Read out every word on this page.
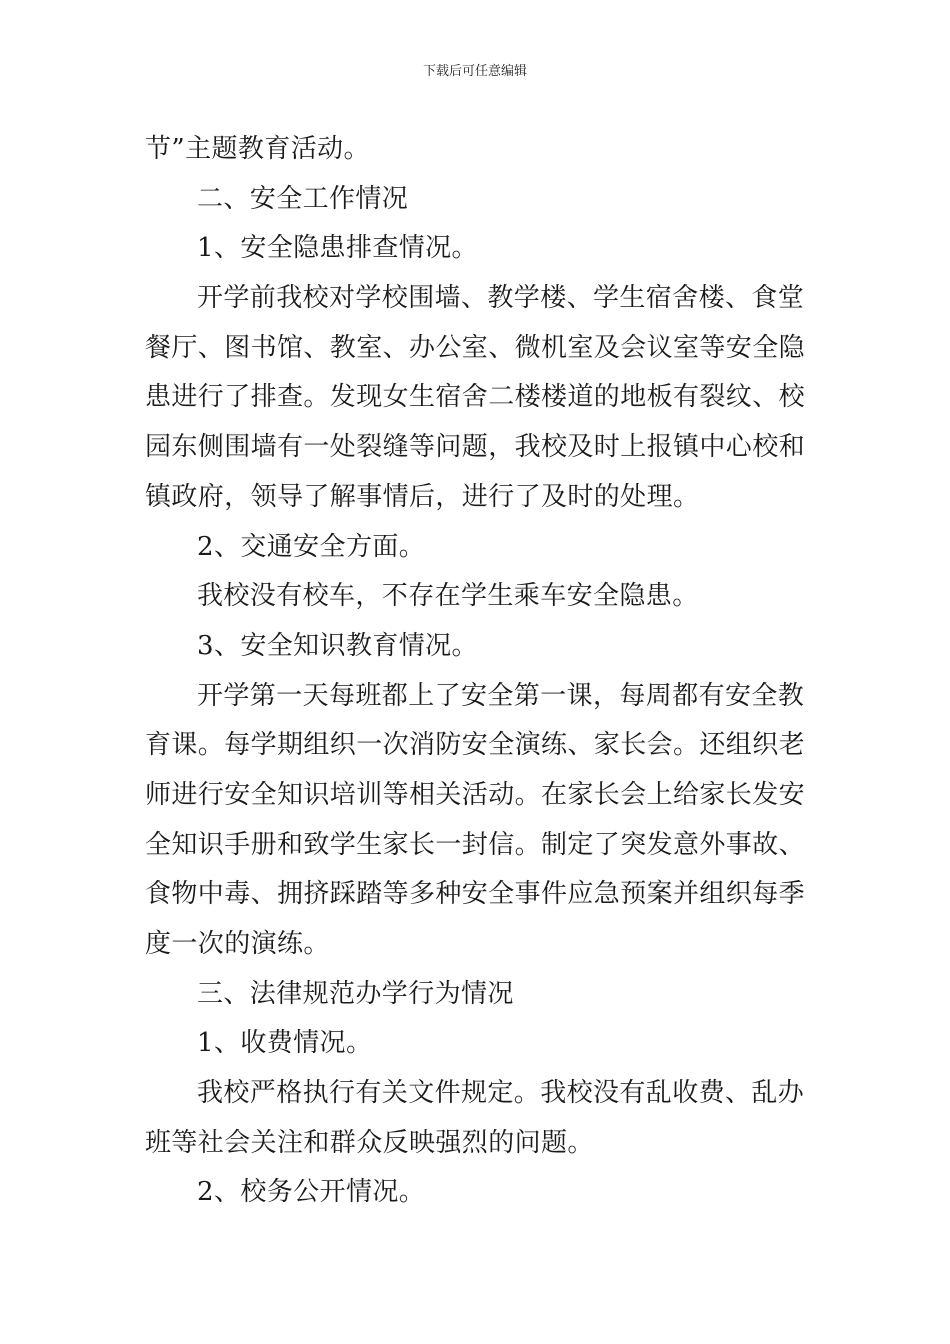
下载后可任意编辑
节”主题教育活动。
二、安全工作情况
1、安全隐患排查情况。
开学前我校对学校围墙、教学楼、学生宿舍楼、食堂
餐厅、图书馆、教室、办公室、微机室及会议室等安全隐
患进行了排查。发现女生宿舍二楼楼道的地板有裂纹、校
园东侧围墙有一处裂缝等问题，我校及时上报镇中心校和
镇政府，领导了解事情后，进行了及时的处理。
2、交通安全方面。
我校没有校车，不存在学生乘车安全隐患。
3、安全知识教育情况。
开学第一天每班都上了安全第一课，每周都有安全教
育课。每学期组织一次消防安全演练、家长会。还组织老
师进行安全知识培训等相关活动。在家长会上给家长发安
全知识手册和致学生家长一封信。制定了突发意外事故、
食物中毒、拥挤踩踏等多种安全事件应急预案并组织每季
度一次的演练。
三、法律规范办学行为情况
1、收费情况。
我校严格执行有关文件规定。我校没有乱收费、乱办
班等社会关注和群众反映强烈的问题。
2、校务公开情况。
